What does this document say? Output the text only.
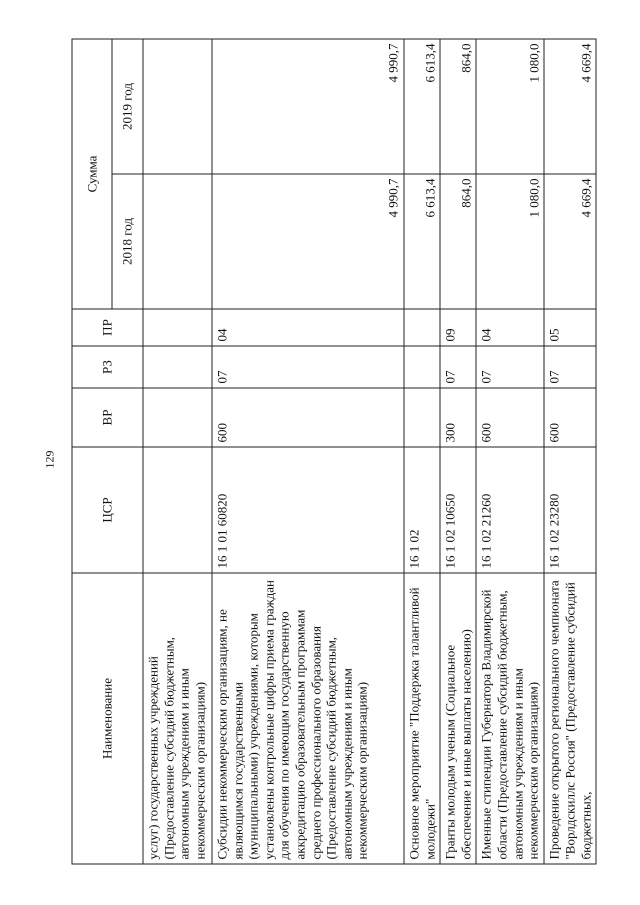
129
Наименование	ЦСР	ВР	РЗ	ПР	Сумма	
					2018 год	2019 год
услуг) государственных учреждений (Предоставление субсидий бюджетным, автономным учреждениям и иным некоммерческим организациям)						
Субсидии некоммерческим организациям, не являющимся государственными (муниципальными) учреждениями, которым установлены контрольные цифры приема граждан для обучения по имеющим государственную аккредитацию образовательным программам среднего профессионального образования (Предоставление субсидий бюджетным, автономным учреждениям и иным некоммерческим организациям)	16 1 01 60820	600	07	04	4 990,7	4 990,7
Основное мероприятие "Поддержка талантливой молодежи"	16 1 02				6 613,4	6 613,4
Гранты молодым ученым (Социальное обеспечение и иные выплаты населению)	16 1 02 10650	300	07	09	864,0	864,0
Именные стипендии Губернатора Владимирской области (Предоставление субсидий бюджетным, автономным учреждениям и иным некоммерческим организациям)	16 1 02 21260	600	07	04	1 080,0	1 080,0
Проведение открытого регионального чемпионата "Ворлдскиллс Россия" (Предоставление субсидий бюджетных,	16 1 02 23280	600	07	05	4 669,4	4 669,4
